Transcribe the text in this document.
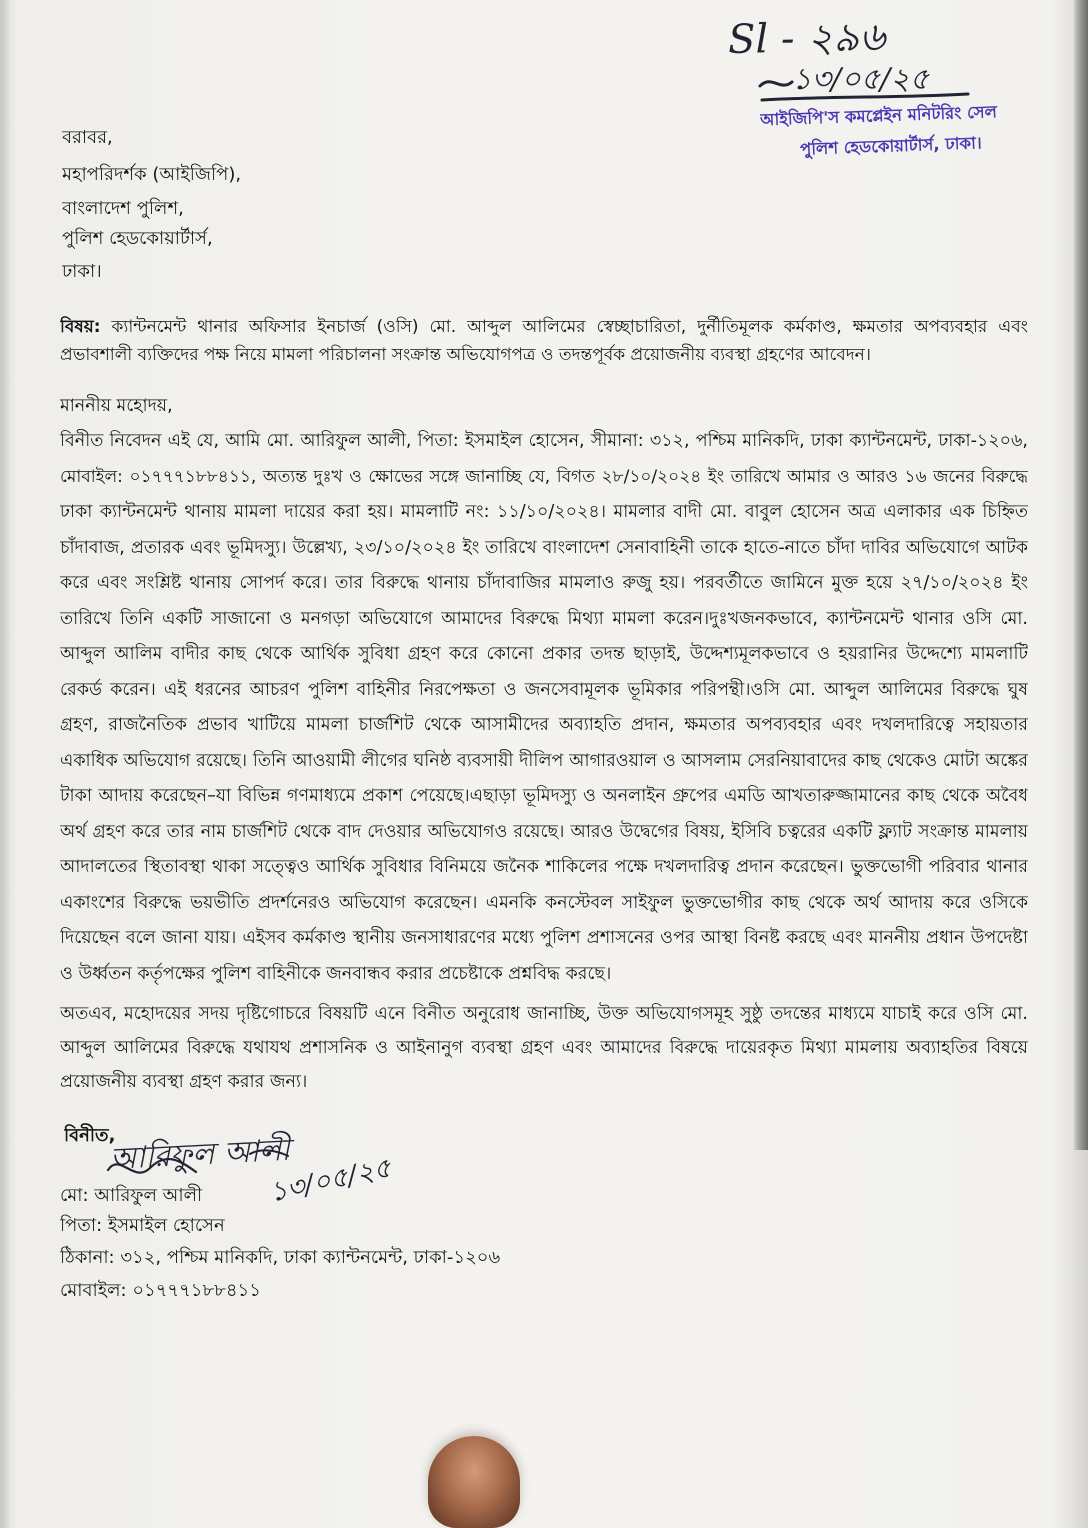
Sl - ২৯৬
১৩/০৫/২৫
আইজিপি'স কমপ্লেইন মনিটরিং সেল
পুলিশ হেডকোয়ার্টার্স, ঢাকা।
বরাবর,
মহাপরিদর্শক (আইজিপি),
বাংলাদেশ পুলিশ,
পুলিশ হেডকোয়ার্টার্স,
ঢাকা।
বিষয়: ক্যান্টনমেন্ট থানার অফিসার ইনচার্জ (ওসি) মো. আব্দুল আলিমের স্বেচ্ছাচারিতা, দুর্নীতিমূলক কর্মকাণ্ড, ক্ষমতার অপব্যবহার এবং
প্রভাবশালী ব্যক্তিদের পক্ষ নিয়ে মামলা পরিচালনা সংক্রান্ত অভিযোগপত্র ও তদন্তপূর্বক প্রয়োজনীয় ব্যবস্থা গ্রহণের আবেদন।
মাননীয় মহোদয়,
বিনীত নিবেদন এই যে, আমি মো. আরিফুল আলী, পিতা: ইসমাইল হোসেন, সীমানা: ৩১২, পশ্চিম মানিকদি, ঢাকা ক্যান্টনমেন্ট, ঢাকা-১২০৬,
মোবাইল: ০১৭৭৭১৮৮৪১১, অত্যন্ত দুঃখ ও ক্ষোভের সঙ্গে জানাচ্ছি যে, বিগত ২৮/১০/২০২৪ ইং তারিখে আমার ও আরও ১৬ জনের বিরুদ্ধে
ঢাকা ক্যান্টনমেন্ট থানায় মামলা দায়ের করা হয়। মামলাটি নং: ১১/১০/২০২৪। মামলার বাদী মো. বাবুল হোসেন অত্র এলাকার এক চিহ্নিত
চাঁদাবাজ, প্রতারক এবং ভূমিদস্যু। উল্লেখ্য, ২৩/১০/২০২৪ ইং তারিখে বাংলাদেশ সেনাবাহিনী তাকে হাতে-নাতে চাঁদা দাবির অভিযোগে আটক
করে এবং সংশ্লিষ্ট থানায় সোপর্দ করে। তার বিরুদ্ধে থানায় চাঁদাবাজির মামলাও রুজু হয়। পরবর্তীতে জামিনে মুক্ত হয়ে ২৭/১০/২০২৪ ইং
তারিখে তিনি একটি সাজানো ও মনগড়া অভিযোগে আমাদের বিরুদ্ধে মিথ্যা মামলা করেন।দুঃখজনকভাবে, ক্যান্টনমেন্ট থানার ওসি মো.
আব্দুল আলিম বাদীর কাছ থেকে আর্থিক সুবিধা গ্রহণ করে কোনো প্রকার তদন্ত ছাড়াই, উদ্দেশ্যমূলকভাবে ও হয়রানির উদ্দেশ্যে মামলাটি
রেকর্ড করেন। এই ধরনের আচরণ পুলিশ বাহিনীর নিরপেক্ষতা ও জনসেবামূলক ভূমিকার পরিপন্থী।ওসি মো. আব্দুল আলিমের বিরুদ্ধে ঘুষ
গ্রহণ, রাজনৈতিক প্রভাব খাটিয়ে মামলা চার্জশিট থেকে আসামীদের অব্যাহতি প্রদান, ক্ষমতার অপব্যবহার এবং দখলদারিত্বে সহায়তার
একাধিক অভিযোগ রয়েছে। তিনি আওয়ামী লীগের ঘনিষ্ঠ ব্যবসায়ী দীলিপ আগারওয়াল ও আসলাম সেরনিয়াবাদের কাছ থেকেও মোটা অঙ্কের
টাকা আদায় করেছেন–যা বিভিন্ন গণমাধ্যমে প্রকাশ পেয়েছে।এছাড়া ভূমিদস্যু ও অনলাইন গ্রুপের এমডি আখতারুজ্জামানের কাছ থেকে অবৈধ
অর্থ গ্রহণ করে তার নাম চার্জশিট থেকে বাদ দেওয়ার অভিযোগও রয়েছে। আরও উদ্বেগের বিষয়, ইসিবি চত্বরের একটি ফ্ল্যাট সংক্রান্ত মামলায়
আদালতের স্থিতাবস্থা থাকা সত্ত্বেও আর্থিক সুবিধার বিনিময়ে জনৈক শাকিলের পক্ষে দখলদারিত্ব প্রদান করেছেন। ভুক্তভোগী পরিবার থানার
একাংশের বিরুদ্ধে ভয়ভীতি প্রদর্শনেরও অভিযোগ করেছেন। এমনকি কনস্টেবল সাইফুল ভুক্তভোগীর কাছ থেকে অর্থ আদায় করে ওসিকে
দিয়েছেন বলে জানা যায়। এইসব কর্মকাণ্ড স্থানীয় জনসাধারণের মধ্যে পুলিশ প্রশাসনের ওপর আস্থা বিনষ্ট করছে এবং মাননীয় প্রধান উপদেষ্টা
ও উর্ধ্বতন কর্তৃপক্ষের পুলিশ বাহিনীকে জনবান্ধব করার প্রচেষ্টাকে প্রশ্নবিদ্ধ করছে।
অতএব, মহোদয়ের সদয় দৃষ্টিগোচরে বিষয়টি এনে বিনীত অনুরোধ জানাচ্ছি, উক্ত অভিযোগসমূহ সুষ্ঠু তদন্তের মাধ্যমে যাচাই করে ওসি মো.
আব্দুল আলিমের বিরুদ্ধে যথাযথ প্রশাসনিক ও আইনানুগ ব্যবস্থা গ্রহণ এবং আমাদের বিরুদ্ধে দায়েরকৃত মিথ্যা মামলায় অব্যাহতির বিষয়ে
প্রয়োজনীয় ব্যবস্থা গ্রহণ করার জন্য।
বিনীত,
আরিফুল আলী
১৩/০৫/২৫
মো: আরিফুল আলী
পিতা: ইসমাইল হোসেন
ঠিকানা: ৩১২, পশ্চিম মানিকদি, ঢাকা ক্যান্টনমেন্ট, ঢাকা-১২০৬
মোবাইল: ০১৭৭৭১৮৮৪১১
